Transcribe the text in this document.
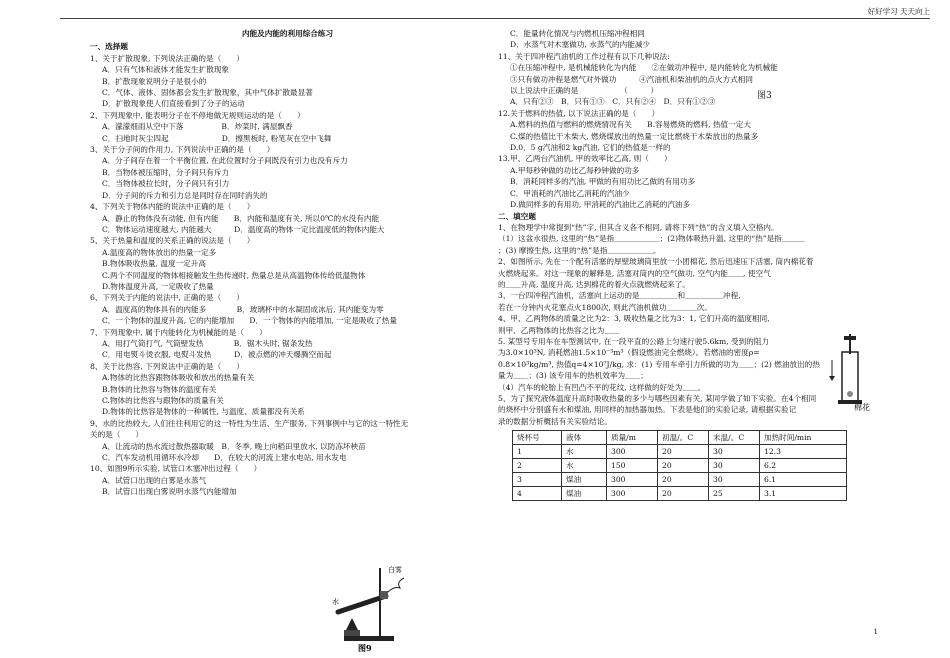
好好学习 天天向上
内能及内能的利用综合练习
一、选择题
1、关于扩散现象, 下列说法正确的是（　　）
A．只有气体和液体才能发生扩散现象
B．扩散现象说明分子是很小的
C．气体、液体、固体都会发生扩散现象，其中气体扩散最显著
D．扩散现象使人们直接看到了分子的运动
2、下列现象中, 能表明分子在不停地做无规则运动的是（　　）
A．濛濛细雨从空中下落　　　　　B．炒菜时, 满屋飘香
C．扫地时灰尘四起　　　　　　　D．擦黑板时, 粉笔灰在空中飞舞
3、关于分子间的作用力, 下列说法中正确的是（　　）
A．分子间存在着一个平衡位置, 在此位置时分子间既没有引力也没有斥力
B．当物体被压缩时，分子间只有斥力
C．当物体被拉长时，分子间只有引力
D．分子间的斥力和引力总是同时存在同时消失的
4、下列关于物体内能的说法中正确的是（　　）
A．静止的物体没有动能, 但有内能　　B．内能和温度有关, 所以0℃的水没有内能
C．物体运动速度越大, 内能越大　　　D．温度高的物体一定比温度低的物体内能大
5、关于热量和温度的关系正确的说法是（　　）
A.温度高的物体放出的热量一定多
B.物体吸收热量, 温度一定升高
C.两个不同温度的物体相接触发生热传递时, 热量总是从高温物体传给低温物体
D.物体温度升高, 一定吸收了热量
6、下列关于内能的说法中, 正确的是（　　）
A．温度高的物体具有的内能多　　　　B．玻璃杯中的水凝固成冰后, 其内能变为零
C．一个物体的温度升高, 它的内能增加　　D．一个物体的内能增加, 一定是吸收了热量
7、下列现象中, 属于内能转化为机械能的是（　　）
A．用打气筒打气, 气筒壁发热　　　　B．锯木头时, 锯条发热
C．用电熨斗烫衣服, 电熨斗发热　　　D．被点燃的冲天爆腾空而起
8、关于比热容, 下列说法中正确的是（　　）
A.物体的比热容跟物体吸收和放出的热量有关
B.物体的比热容与物体的温度有关
C.物体的比热容与跟物体的质量有关
D.物体的比热容是物体的一种属性, 与温度、质量都没有关系
9、水的比热较大, 人们往往利用它的这一特性为生活、生产服务, 下列事例中与它的这一特性无
关的是（　　）
A．让流动的热水流过散热器取暖　B．冬季, 晚上向稻田里放水, 以防冻坏秧苗
C．汽车发动机用循环水冷却　　D．在较大的河流上建水电站, 用水发电
10、如图9所示实验, 试管口木塞冲出过程（　　）
A．试管口出现的白雾是水蒸气
B．试管口出现白雾说明水蒸气内能增加
C．能量转化情况与内燃机压缩冲程相同
D．水蒸气对木塞做功, 水蒸气的内能减少
11、关于四冲程汽油机的工作过程有以下几种说法:
①在压缩冲程中, 是机械能转化为内能　　②在做功冲程中, 是内能转化为机械能
③只有做功冲程是燃气对外做功　　　④汽油机和柴油机的点火方式相同
以上说法中正确的是　　　　　　（　　　）
A．只有②③　B．只有①③　C．只有②④　D．只有①②③
12.关于燃料的热值, 以下说法正确的是（　　）
A.燃料的热值与燃料的燃烧情况有关　　B.容易燃烧的燃料, 热值一定大
C.煤的热值比干木柴大, 燃烧煤放出的热量一定比燃烧干木柴放出的热量多
D.0．5 g汽油和2 kg汽油, 它们的热值是一样的
13.甲、乙两台汽油机, 甲的效率比乙高, 则（　　）
A.甲每秒钟做的功比乙每秒钟做的功多
B．消耗同样多的汽油, 甲做的有用功比乙做的有用功多
C．甲消耗的汽油比乙消耗的汽油少
D.做同样多的有用功, 甲消耗的汽油比乙消耗的汽油多
二、填空题
1、在物理学中常提到“热”字, 但其含义各不相同, 请将下列“热”的含义填入空格内。
（1）这盆水很热, 这里的“热”是指＿＿＿＿＿＿；(2)物体吸热升温, 这里的“热”是指＿＿＿
；(3) 摩擦生热, 这里的“热”是指＿＿＿＿＿＿。
2、如图所示, 先在一个配有活塞的厚壁玻璃筒里放一小团棉花, 然后迅速压下活塞, 筒内棉花着
火燃烧起来。对这一现象的解释是, 活塞对筒内的空气做功, 空气内能＿＿, 使空气
的＿＿升高, 温度升高, 达到棉花的着火点就燃烧起来了。
3、一台四冲程汽油机，活塞向上运动的是＿＿＿＿＿和＿＿＿＿＿冲程,
若在一分钟内火花塞点火1800次, 则此汽油机做功＿＿＿＿次。
4、甲、乙两物体的质量之比为2：3, 吸收热量之比为3：1, 它们升高的温度相同,
则甲、乙两物体的比热容之比为＿＿
5. 某型号专用车在车型测试中, 在一段平直的公路上匀速行驶5.6km, 受到的阻力
为3.0×10³N, 消耗燃油1.5×10⁻³m³（假设燃油完全燃烧）。若燃油的密度ρ=
0.8×10³kg/m³, 热值q=4×10⁷J/kg, 求：(1) 专用车牵引力所做的功为＿＿；(2) 燃油放出的热
量为＿＿；(3) 该专用车的热机效率为＿＿；
（4）汽车的轮胎上有凹凸不平的花纹, 这样做的好处为＿＿。
5、为了探究液体温度升高时吸收热量的多少与哪些因素有关, 某同学做了如下实验。在4个相同
的烧杯中分别盛有水和煤油, 用同样的加热器加热。下表是他们的实验记录, 请根据实验记
录的数据分析概括有关实验结论。
烧杯号	液体	质量/m	初温/。C	末温/。C	加热时间/min
1	水	300	20	30	12.3
2	水	150	20	30	6.2
3	煤油	300	20	30	6.1
4	煤油	300	20	25	3.1
图3
白雾
水
图9
棉花
1
